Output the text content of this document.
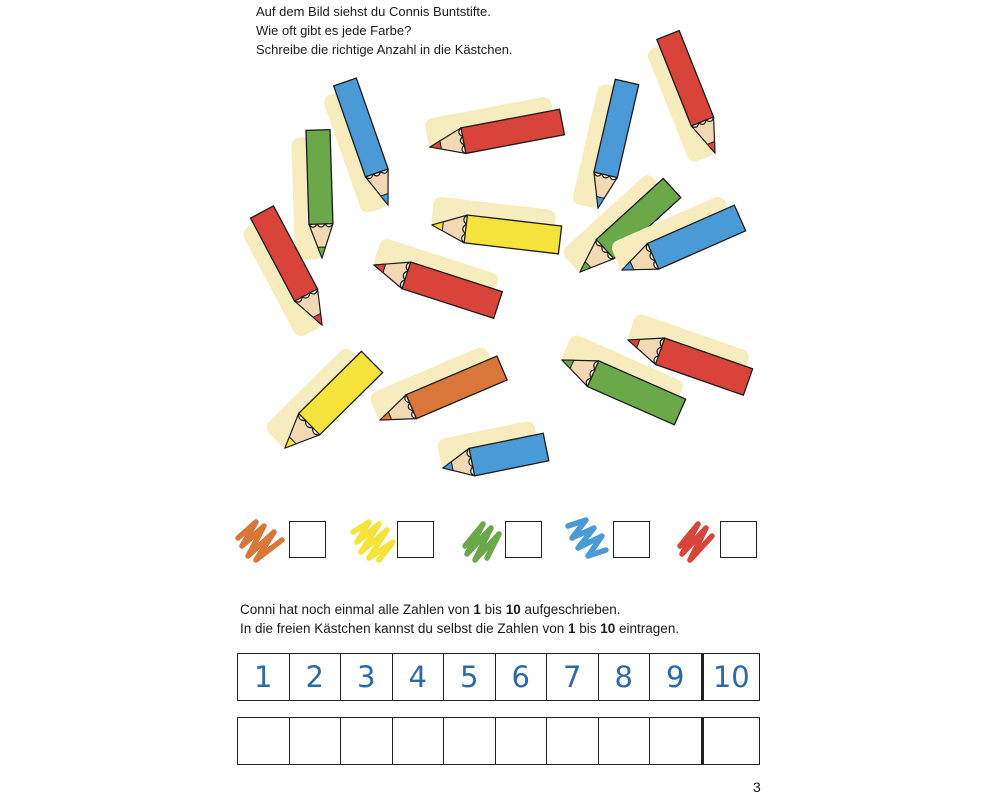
Auf dem Bild siehst du Connis Buntstifte.

Wie oft gibt es jede Farbe?

Schreibe die richtige Anzahl in die Kästchen.

Conni hat noch einmal alle Zahlen von 1 bis 10 aufgeschrieben.

In die freien Kästchen kannst du selbst die Zahlen von 1 bis 10 eintragen.

1	2	3	4	5	6	7	8	9 10
3
